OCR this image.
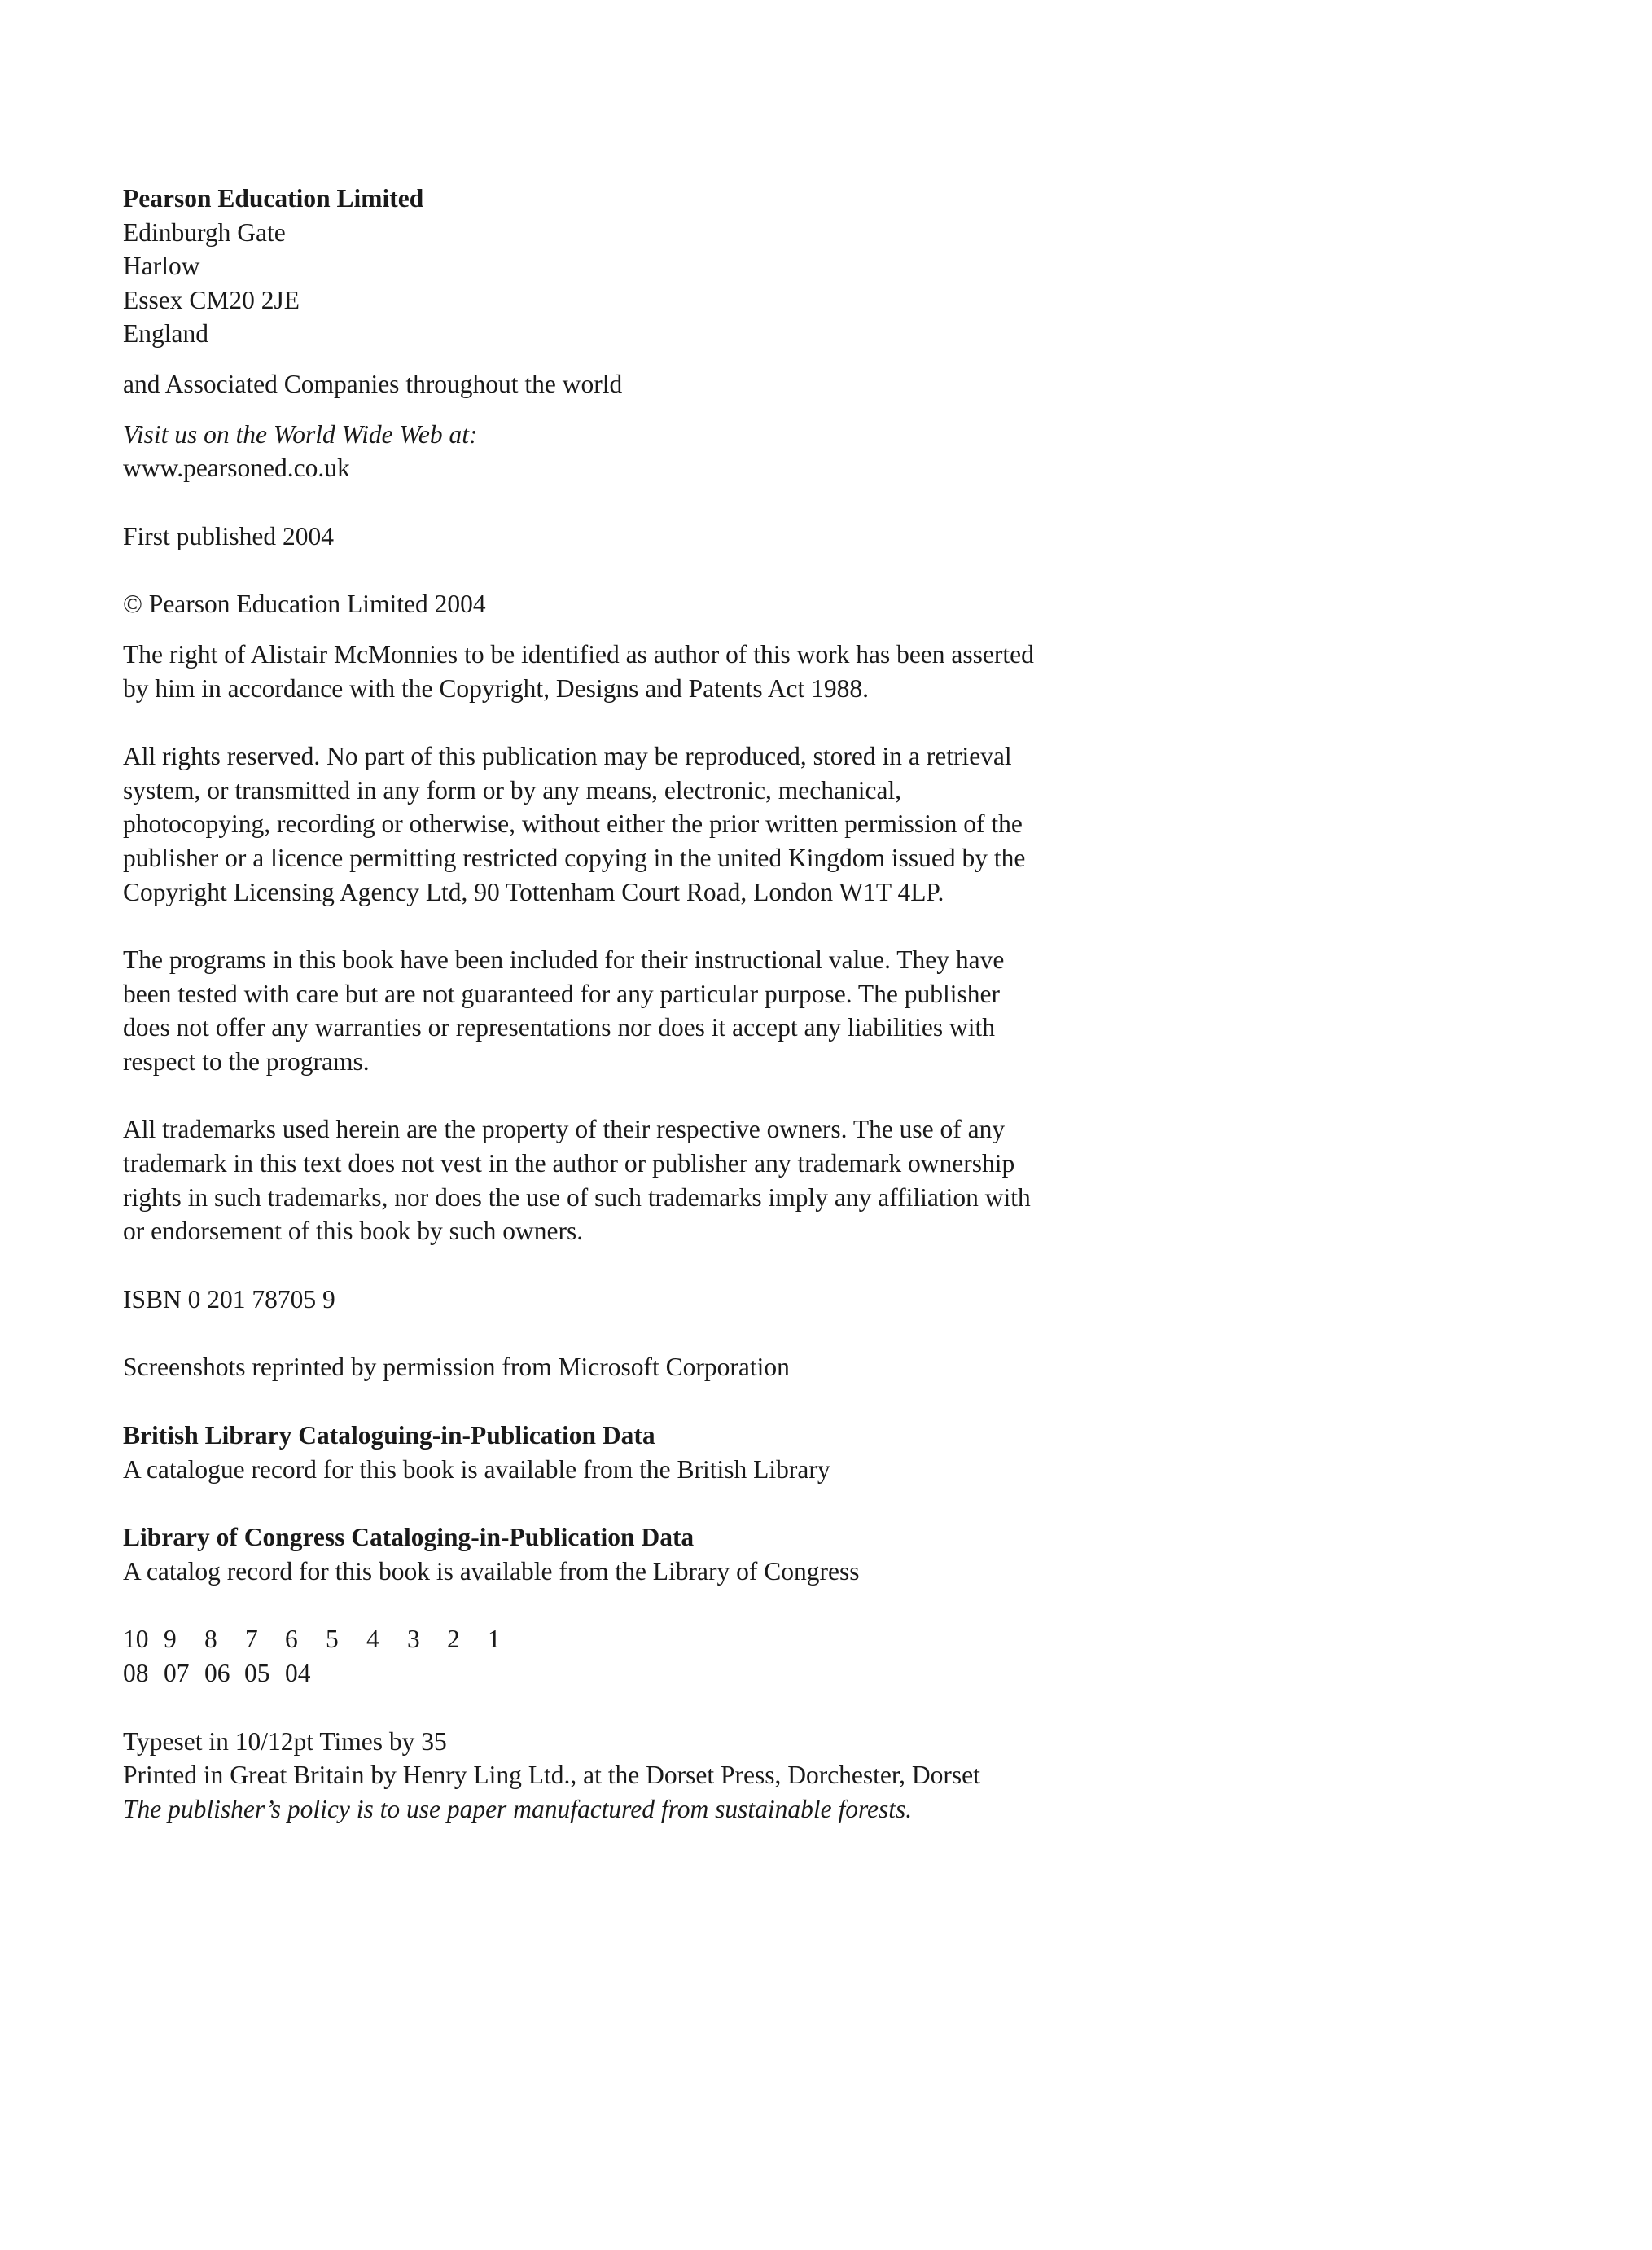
Pearson Education Limited
Edinburgh Gate
Harlow
Essex CM20 2JE
England
and Associated Companies throughout the world
Visit us on the World Wide Web at:
www.pearsoned.co.uk
First published 2004
© Pearson Education Limited 2004
The right of Alistair McMonnies to be identified as author of this work has been asserted
by him in accordance with the Copyright, Designs and Patents Act 1988.
All rights reserved. No part of this publication may be reproduced, stored in a retrieval
system, or transmitted in any form or by any means, electronic, mechanical,
photocopying, recording or otherwise, without either the prior written permission of the
publisher or a licence permitting restricted copying in the united Kingdom issued by the
Copyright Licensing Agency Ltd, 90 Tottenham Court Road, London W1T 4LP.
The programs in this book have been included for their instructional value. They have
been tested with care but are not guaranteed for any particular purpose. The publisher
does not offer any warranties or representations nor does it accept any liabilities with
respect to the programs.
All trademarks used herein are the property of their respective owners. The use of any
trademark in this text does not vest in the author or publisher any trademark ownership
rights in such trademarks, nor does the use of such trademarks imply any affiliation with
or endorsement of this book by such owners.
ISBN 0 201 78705 9
Screenshots reprinted by permission from Microsoft Corporation
British Library Cataloguing-in-Publication Data
A catalogue record for this book is available from the British Library
Library of Congress Cataloging-in-Publication Data
A catalog record for this book is available from the Library of Congress
10 9 8 7 6 5 4 3 2 1
08 07 06 05 04
Typeset in 10/12pt Times by 35
Printed in Great Britain by Henry Ling Ltd., at the Dorset Press, Dorchester, Dorset
The publisher’s policy is to use paper manufactured from sustainable forests.
